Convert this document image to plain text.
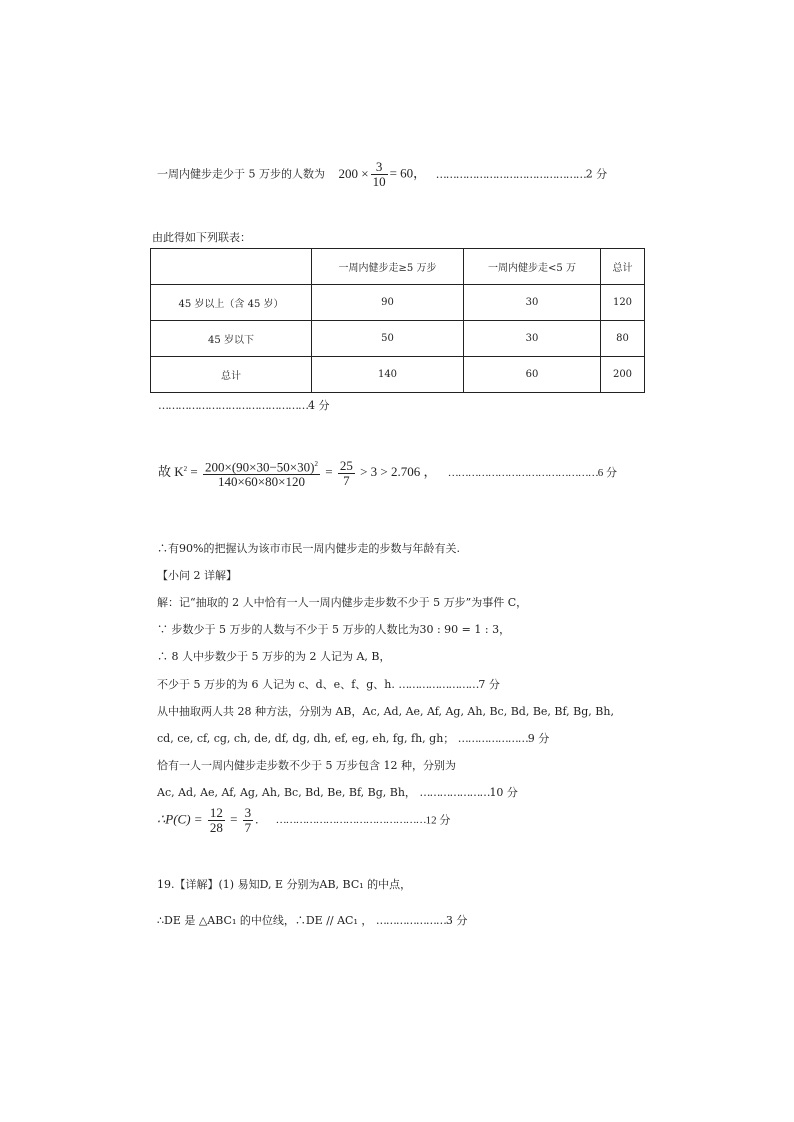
一周内健步走少于 5 万步的人数为 $200 \times \frac{3}{10} = 60$， ………………………………………2 分
由此得如下列联表：
	一周内健步走≥5 万步	一周内健步走<5 万	总计
45 岁以上（含 45 岁）	90	30	120
45 岁以下	50	30	80
总计	140	60	200
………………………………………4 分
故 $K^2 = \frac{200\times(90\times 30-50\times 30)^2}{140\times 60\times 80\times 120} = \frac{25}{7} > 3 > 2.706$ ， ………………………………………6 分
∴有90%的把握认为该市市民一周内健步走的步数与年龄有关.
【小问 2 详解】
解：记“抽取的 2 人中恰有一人一周内健步走步数不少于 5 万步”为事件 C，
∵ 步数少于 5 万步的人数与不少于 5 万步的人数比为30 : 90 = 1 : 3，
∴ 8 人中步数少于 5 万步的为 2 人记为 A, B，
不少于 5 万步的为 6 人记为 c、d、e、f、g、h. ……………………7 分
从中抽取两人共 28 种方法，分别为 AB，Ac, Ad, Ae, Af, Ag, Ah, Bc, Bd, Be, Bf, Bg, Bh,
cd, ce, cf, cg, ch, de, df, dg, dh, ef, eg, eh, fg, fh, gh； …………………9 分
恰有一人一周内健步走步数不少于 5 万步包含 12 种，分别为
Ac, Ad, Ae, Af, Ag, Ah, Bc, Bd, Be, Bf, Bg, Bh， …………………10 分
∴P(C) = $\frac{12}{28} = \frac{3}{7}$ . ………………………………………12 分
19.【详解】(1) 易知D, E 分别为AB, BC₁ 的中点，
∴DE 是 △ABC₁ 的中位线，∴DE // AC₁ ， …………………3 分
